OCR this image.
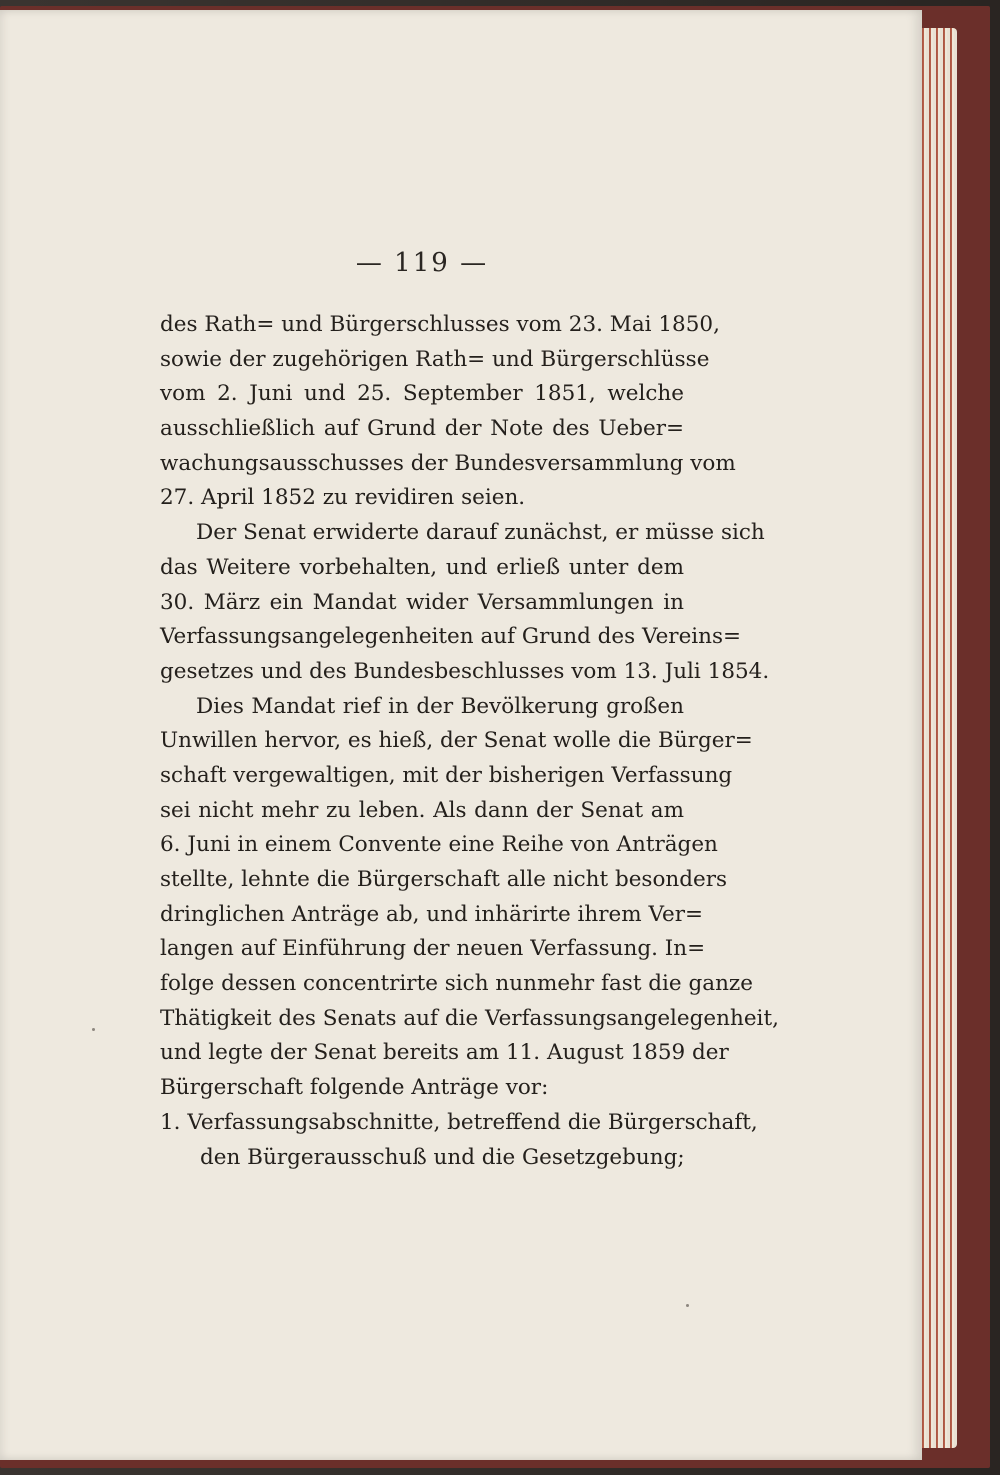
— 119 —
des Rath= und Bürgerschlusses vom 23. Mai 1850,
sowie der zugehörigen Rath= und Bürgerschlüsse
vom 2. Juni und 25. September 1851, welche
ausschließlich auf Grund der Note des Ueber=
wachungsausschusses der Bundesversammlung vom
27. April 1852 zu revidiren seien.
Der Senat erwiderte darauf zunächst, er müsse sich
das Weitere vorbehalten, und erließ unter dem
30. März ein Mandat wider Versammlungen in
Verfassungsangelegenheiten auf Grund des Vereins=
gesetzes und des Bundesbeschlusses vom 13. Juli 1854.
Dies Mandat rief in der Bevölkerung großen
Unwillen hervor, es hieß, der Senat wolle die Bürger=
schaft vergewaltigen, mit der bisherigen Verfassung
sei nicht mehr zu leben. Als dann der Senat am
6. Juni in einem Convente eine Reihe von Anträgen
stellte, lehnte die Bürgerschaft alle nicht besonders
dringlichen Anträge ab, und inhärirte ihrem Ver=
langen auf Einführung der neuen Verfassung. In=
folge dessen concentrirte sich nunmehr fast die ganze
Thätigkeit des Senats auf die Verfassungsangelegenheit,
und legte der Senat bereits am 11. August 1859 der
Bürgerschaft folgende Anträge vor:
1. Verfassungsabschnitte, betreffend die Bürgerschaft,
den Bürgerausschuß und die Gesetzgebung;
